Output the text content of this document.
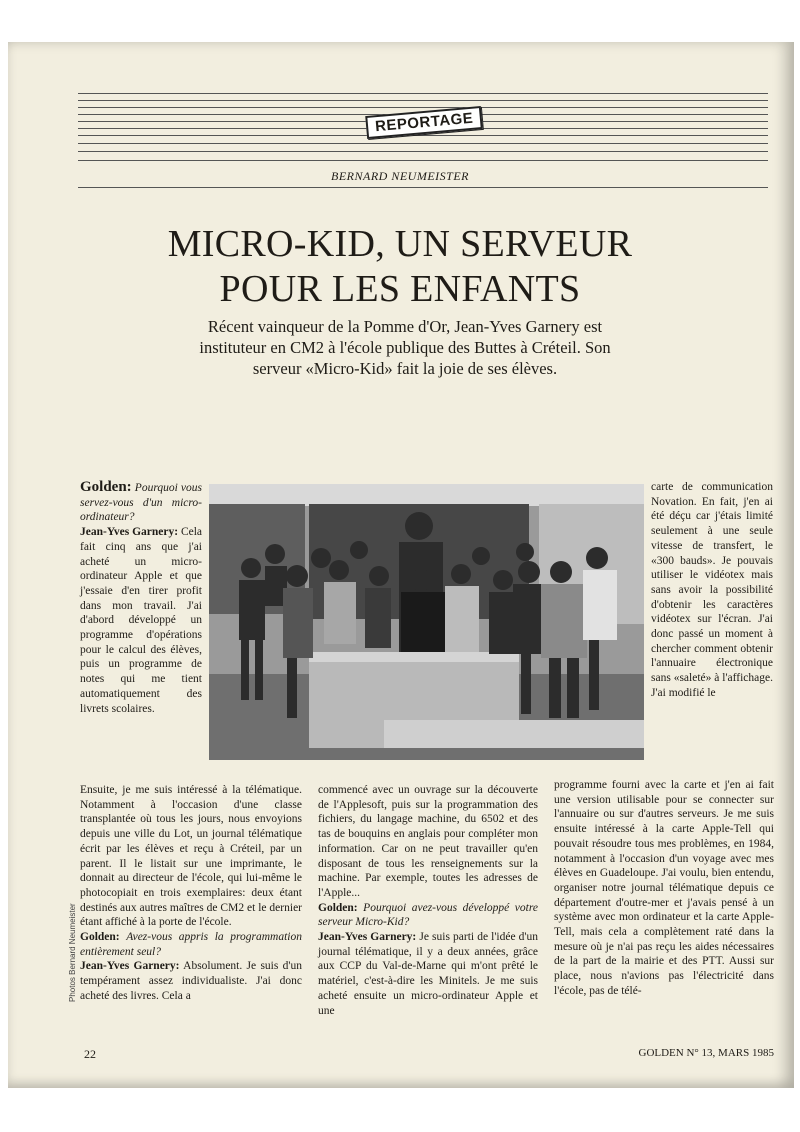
REPORTAGE
BERNARD NEUMEISTER
MICRO-KID, UN SERVEUR
POUR LES ENFANTS
Récent vainqueur de la Pomme d'Or, Jean-Yves Garnery est instituteur en CM2 à l'école publique des Buttes à Créteil. Son serveur «Micro-Kid» fait la joie de ses élèves.

Golden: Pourquoi vous servez-vous d'un micro-ordinateur?

Jean-Yves Garnery: Cela fait cinq ans que j'ai acheté un micro-ordinateur Apple et que j'essaie d'en tirer profit dans mon travail. J'ai d'abord développé un programme d'opérations pour le calcul des élèves, puis un programme de notes qui me tient automatiquement des livrets scolaires.

carte de communication Novation. En fait, j'en ai été déçu car j'étais limité seulement à une seule vitesse de transfert, le «300 bauds». Je pouvais utiliser le vidéotex mais sans avoir la possibilité d'obtenir les caractères vidéotex sur l'écran. J'ai donc passé un moment à chercher comment obtenir l'annuaire électronique sans «saleté» à l'affichage. J'ai modifié le

Ensuite, je me suis intéressé à la télématique. Notamment à l'occasion d'une classe transplantée où tous les jours, nous envoyions depuis une ville du Lot, un journal télématique écrit par les élèves et reçu à Créteil, par un parent. Il le listait sur une imprimante, le donnait au directeur de l'école, qui lui-même le photocopiait en trois exemplaires: deux étant destinés aux autres maîtres de CM2 et le dernier étant affiché à la porte de l'école.

Golden: Avez-vous appris la programmation entièrement seul?

Jean-Yves Garnery: Absolument. Je suis d'un tempérament assez individualiste. J'ai donc acheté des livres. Cela a

commencé avec un ouvrage sur la découverte de l'Applesoft, puis sur la programmation des fichiers, du langage machine, du 6502 et des tas de bouquins en anglais pour compléter mon information. Car on ne peut travailler qu'en disposant de tous les renseignements sur la machine. Par exemple, toutes les adresses de l'Apple...

Golden: Pourquoi avez-vous développé votre serveur Micro-Kid?

Jean-Yves Garnery: Je suis parti de l'idée d'un journal télématique, il y a deux années, grâce aux CCP du Val-de-Marne qui m'ont prêté le matériel, c'est-à-dire les Minitels. Je me suis acheté ensuite un micro-ordinateur Apple et une

programme fourni avec la carte et j'en ai fait une version utilisable pour se connecter sur l'annuaire ou sur d'autres serveurs. Je me suis ensuite intéressé à la carte Apple-Tell qui pouvait résoudre tous mes problèmes, en 1984, notamment à l'occasion d'un voyage avec mes élèves en Guadeloupe. J'ai voulu, bien entendu, organiser notre journal télématique depuis ce département d'outre-mer et j'avais pensé à un système avec mon ordinateur et la carte Apple-Tell, mais cela a complètement raté dans la mesure où je n'ai pas reçu les aides nécessaires de la part de la mairie et des PTT. Aussi sur place, nous n'avions pas l'électricité dans l'école, pas de télé-

Photos Bernard Neumeister
22	GOLDEN N° 13, MARS 1985
